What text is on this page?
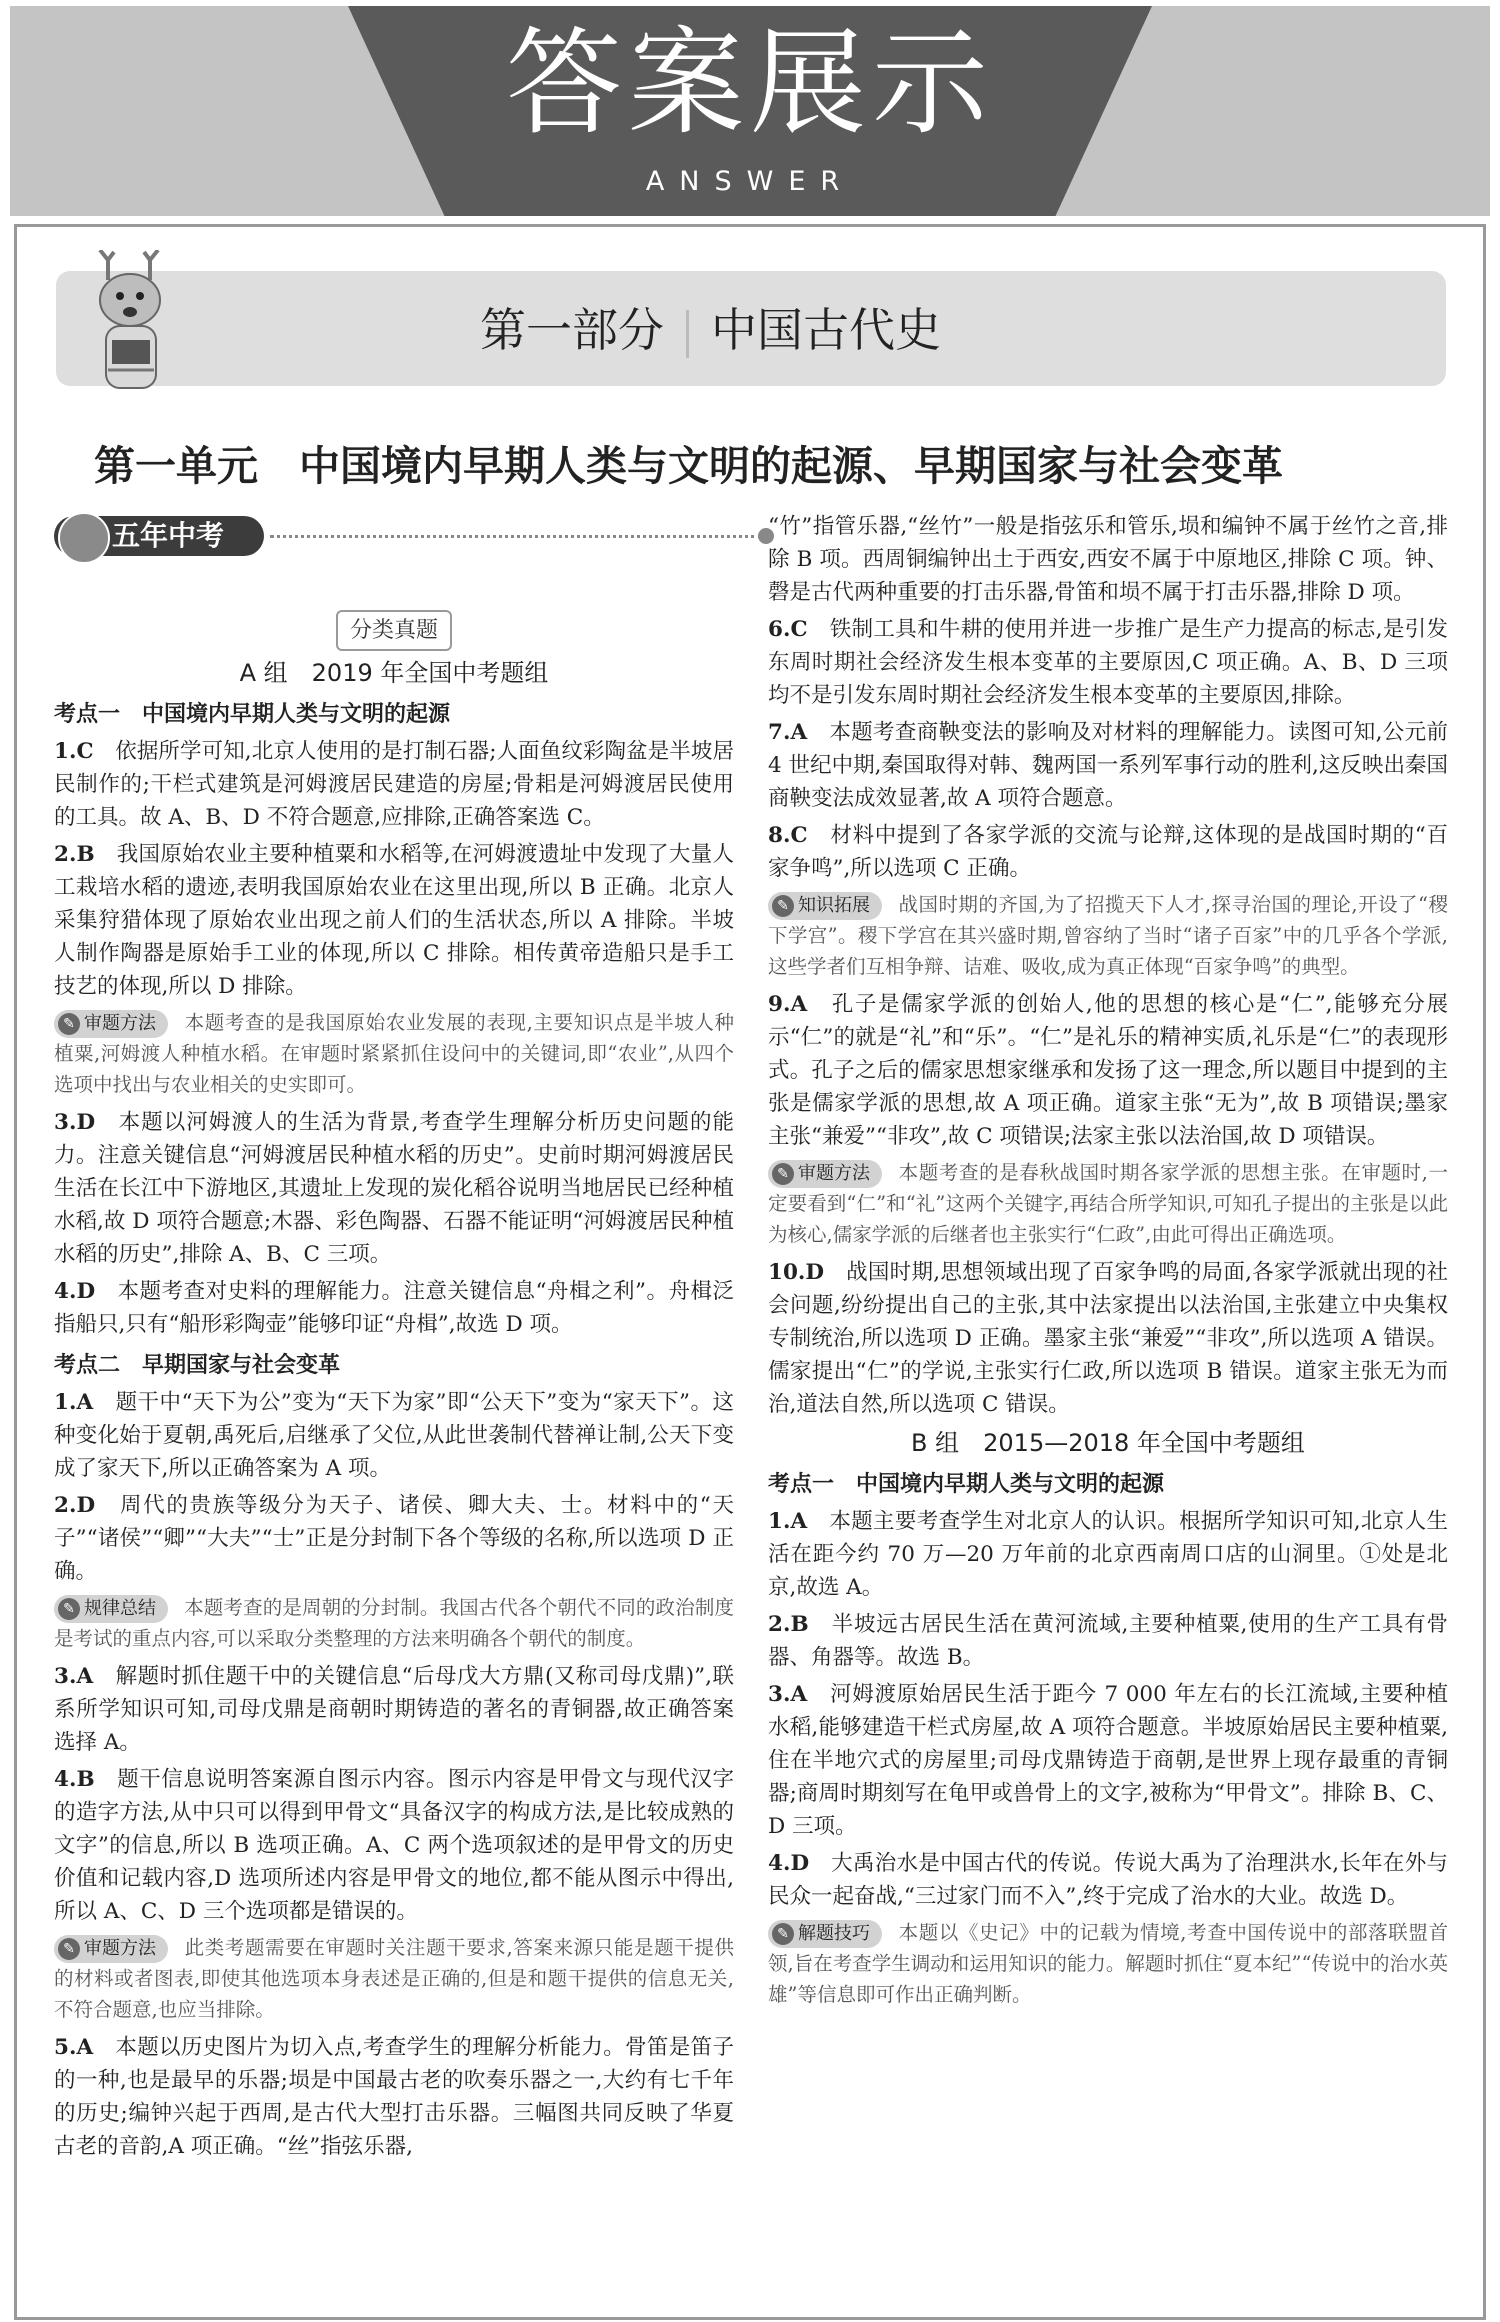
答案展示
ANSWER
第一部分 中国古代史
第一单元　中国境内早期人类与文明的起源、早期国家与社会变革
五年中考
分类真题
A 组　2019 年全国中考题组
考点一　中国境内早期人类与文明的起源

1.C　 依据所学可知,北京人使用的是打制石器;人面鱼纹彩陶盆是半坡居民制作的;干栏式建筑是河姆渡居民建造的房屋;骨耜是河姆渡居民使用的工具。故 A、B、D 不符合题意,应排除,正确答案选 C。

2.B　 我国原始农业主要种植粟和水稻等,在河姆渡遗址中发现了大量人工栽培水稻的遗迹,表明我国原始农业在这里出现,所以 B 正确。北京人采集狩猎体现了原始农业出现之前人们的生活状态,所以 A 排除。半坡人制作陶器是原始手工业的体现,所以 C 排除。相传黄帝造船只是手工技艺的体现,所以 D 排除。

✎ 审题方法 本题考查的是我国原始农业发展的表现,主要知识点是半坡人种植粟,河姆渡人种植水稻。在审题时紧紧抓住设问中的关键词,即“农业”,从四个选项中找出与农业相关的史实即可。

3.D　 本题以河姆渡人的生活为背景,考查学生理解分析历史问题的能力。注意关键信息“河姆渡居民种植水稻的历史”。史前时期河姆渡居民生活在长江中下游地区,其遗址上发现的炭化稻谷说明当地居民已经种植水稻,故 D 项符合题意;木器、彩色陶器、石器不能证明“河姆渡居民种植水稻的历史”,排除 A、B、C 三项。

4.D　 本题考查对史料的理解能力。注意关键信息“舟楫之利”。舟楫泛指船只,只有“船形彩陶壶”能够印证“舟楫”,故选 D 项。

考点二　早期国家与社会变革

1.A　 题干中“天下为公”变为“天下为家”即“公天下”变为“家天下”。这种变化始于夏朝,禹死后,启继承了父位,从此世袭制代替禅让制,公天下变成了家天下,所以正确答案为 A 项。

2.D　 周代的贵族等级分为天子、诸侯、卿大夫、士。材料中的“天子”“诸侯”“卿”“大夫”“士”正是分封制下各个等级的名称,所以选项 D 正确。

✎ 规律总结 本题考查的是周朝的分封制。我国古代各个朝代不同的政治制度是考试的重点内容,可以采取分类整理的方法来明确各个朝代的制度。

3.A　 解题时抓住题干中的关键信息“后母戊大方鼎(又称司母戊鼎)”,联系所学知识可知,司母戊鼎是商朝时期铸造的著名的青铜器,故正确答案选择 A。

4.B　 题干信息说明答案源自图示内容。图示内容是甲骨文与现代汉字的造字方法,从中只可以得到甲骨文“具备汉字的构成方法,是比较成熟的文字”的信息,所以 B 选项正确。A、C 两个选项叙述的是甲骨文的历史价值和记载内容,D 选项所述内容是甲骨文的地位,都不能从图示中得出,所以 A、C、D 三个选项都是错误的。

✎ 审题方法 此类考题需要在审题时关注题干要求,答案来源只能是题干提供的材料或者图表,即使其他选项本身表述是正确的,但是和题干提供的信息无关,不符合题意,也应当排除。

5.A　 本题以历史图片为切入点,考查学生的理解分析能力。骨笛是笛子的一种,也是最早的乐器;埙是中国最古老的吹奏乐器之一,大约有七千年的历史;编钟兴起于西周,是古代大型打击乐器。三幅图共同反映了华夏古老的音韵,A 项正确。“丝”指弦乐器,

“竹”指管乐器,“丝竹”一般是指弦乐和管乐,埙和编钟不属于丝竹之音,排除 B 项。西周铜编钟出土于西安,西安不属于中原地区,排除 C 项。钟、磬是古代两种重要的打击乐器,骨笛和埙不属于打击乐器,排除 D 项。

6.C　 铁制工具和牛耕的使用并进一步推广是生产力提高的标志,是引发东周时期社会经济发生根本变革的主要原因,C 项正确。A、B、D 三项均不是引发东周时期社会经济发生根本变革的主要原因,排除。

7.A　 本题考查商鞅变法的影响及对材料的理解能力。读图可知,公元前 4 世纪中期,秦国取得对韩、魏两国一系列军事行动的胜利,这反映出秦国商鞅变法成效显著,故 A 项符合题意。

8.C　 材料中提到了各家学派的交流与论辩,这体现的是战国时期的“百家争鸣”,所以选项 C 正确。

✎ 知识拓展 战国时期的齐国,为了招揽天下人才,探寻治国的理论,开设了“稷下学宫”。稷下学宫在其兴盛时期,曾容纳了当时“诸子百家”中的几乎各个学派,这些学者们互相争辩、诘难、吸收,成为真正体现“百家争鸣”的典型。

9.A　 孔子是儒家学派的创始人,他的思想的核心是“仁”,能够充分展示“仁”的就是“礼”和“乐”。“仁”是礼乐的精神实质,礼乐是“仁”的表现形式。孔子之后的儒家思想家继承和发扬了这一理念,所以题目中提到的主张是儒家学派的思想,故 A 项正确。道家主张“无为”,故 B 项错误;墨家主张“兼爱”“非攻”,故 C 项错误;法家主张以法治国,故 D 项错误。

✎ 审题方法 本题考查的是春秋战国时期各家学派的思想主张。在审题时,一定要看到“仁”和“礼”这两个关键字,再结合所学知识,可知孔子提出的主张是以此为核心,儒家学派的后继者也主张实行“仁政”,由此可得出正确选项。

10.D　 战国时期,思想领域出现了百家争鸣的局面,各家学派就出现的社会问题,纷纷提出自己的主张,其中法家提出以法治国,主张建立中央集权专制统治,所以选项 D 正确。墨家主张“兼爱”“非攻”,所以选项 A 错误。儒家提出“仁”的学说,主张实行仁政,所以选项 B 错误。道家主张无为而治,道法自然,所以选项 C 错误。

B 组　2015—2018 年全国中考题组
考点一　中国境内早期人类与文明的起源

1.A　 本题主要考查学生对北京人的认识。根据所学知识可知,北京人生活在距今约 70 万—20 万年前的北京西南周口店的山洞里。①处是北京,故选 A。

2.B　 半坡远古居民生活在黄河流域,主要种植粟,使用的生产工具有骨器、角器等。故选 B。

3.A　 河姆渡原始居民生活于距今 7 000 年左右的长江流域,主要种植水稻,能够建造干栏式房屋,故 A 项符合题意。半坡原始居民主要种植粟,住在半地穴式的房屋里;司母戊鼎铸造于商朝,是世界上现存最重的青铜器;商周时期刻写在龟甲或兽骨上的文字,被称为“甲骨文”。排除 B、C、D 三项。

4.D　 大禹治水是中国古代的传说。传说大禹为了治理洪水,长年在外与民众一起奋战,“三过家门而不入”,终于完成了治水的大业。故选 D。

✎ 解题技巧 本题以《史记》中的记载为情境,考查中国传说中的部落联盟首领,旨在考查学生调动和运用知识的能力。解题时抓住“夏本纪”“传说中的治水英雄”等信息即可作出正确判断。
